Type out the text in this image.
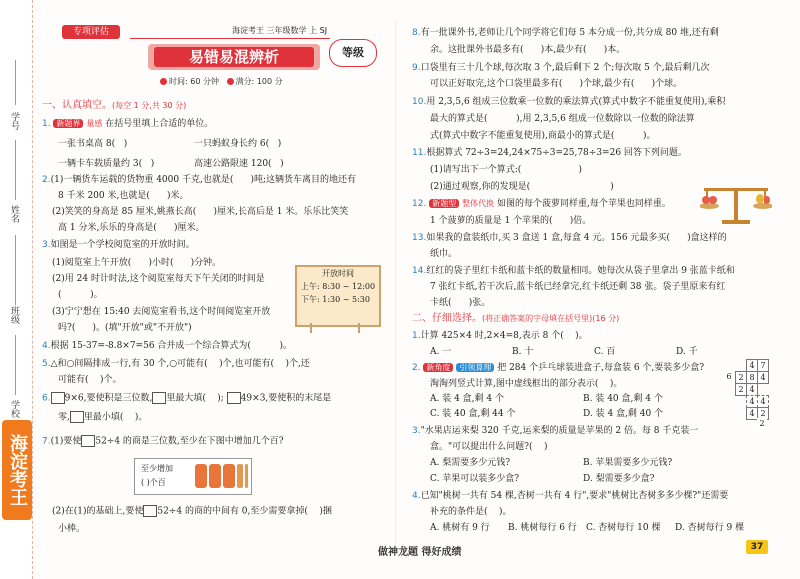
学号
姓名
班级
学校
海淀考王
专项评估	海淀考王 三年级数学 上 SJ
易错易混辨析	等级
时间: 60 分钟 满分: 100 分
一、认真填空。(每空 1 分,共 30 分)
1. 新题界 量感 在括号里填上合适的单位。
一张书桌高 8(   )	一只蚂蚁身长约 6(   )
一辆卡车载质量约 3(   )	高速公路限速 120(   )
2.(1)一辆货车运载的货物重 4000 千克,也就是( )吨;这辆货车离目的地还有
8 千米 200 米,也就是( )米。
(2)笑笑的身高是 85 厘米,姚燕长高( )厘米,长高后是 1 米。乐乐比笑笑
高 1 分米,乐乐的身高是( )厘米。
3.如图是一个学校阅览室的开放时间。
(1)阅览室上午开放( )小时( )分钟。
(2)用 24 时计时法,这个阅览室每天下午关闭的时间是
(	)。
(3)宁宁想在 15:40 去阅览室看书,这个时间阅览室开放
吗?( )。(填"开放"或"不开放")
开放时间
上午: 8:30 ~ 12:00
下午: 1:30 ~ 5:30
4.根据 15-37=-8.8×7=56 合并成一个综合算式为(	)。
5.△和○间隔排成一行,有 30 个,○可能有( )个,也可能有( )个,还
可能有( )个。
6. 9×6,要使积是三位数, 里最大填( ); 49×3,要使积的末尾是
零, 里最小填( )。
7.(1)要使 52÷4 的商是三位数,至少在下图中增加几个百?
至少增加
( )个百
(2)在(1)的基础上,要使 52÷4 的商的中间有 0,至少需要拿掉( )捆
小棒。
8.有一批课外书,老师让几个同学将它们每 5 本分成一份,共分成 80 堆,还有剩
余。这批课外书最多有( )本,最少有( )本。
9.口袋里有三十几个球,每次取 3 个,最后剩下 2 个;每次取 5 个,最后剩几次
可以正好取完,这个口袋里最多有( )个球,最少有( )个球。
10.用 2,3,5,6 组成三位数乘一位数的乘法算式(算式中数字不能重复使用),乘积
最大的算式是(	),用 2,3,5,6 组成一位数除以一位数的除法算
式(算式中数字不能重复使用),商最小的算式是(	)。
11.根据算式 72÷3=24,24×75÷3=25,78÷3=26 回答下列问题。
(1)请写出下一个算式:(	)
(2)通过观察,你的发现是(	)
12. 新题型 整体代换 如图的每个菠萝同样重,每个苹果也同样重。
1 个菠萝的质量是 1 个苹果的( )倍。
13.如果我的盒装纸巾,买 3 盒送 1 盒,每盒 4 元。156 元最多买( )盒这样的
纸巾。
14.红红的袋子里红卡纸和蓝卡纸的数量相同。她每次从袋子里拿出 9 张蓝卡纸和
7 张红卡纸,若干次后,蓝卡纸已经拿完,红卡纸还剩 38 张。袋子里原来有红
卡纸( )张。
二、仔细选择。(将正确答案的字母填在括号里)(16 分)
1.计算 425×4 时,2×4=8,表示 8 个( )。
A. 一	B. 十	C. 百	D. 千
2. 新角度 引领算理 把 284 个乒乓球装进盒子,每盒装 6 个,要装多少盒?
淘淘列竖式计算,图中虚线框出的部分表示( )。
A. 装 4 盒,剩 4 个	B. 装 40 盒,剩 4 个
C. 装 40 盒,剩 44 个	D. 装 4 盒,剩 40 个
4 7
6 2 8 4
2 4
4 4
4 2
2
3."水果店运来梨 320 千克,运来梨的质量是苹果的 2 倍。每 8 千克装一
盒。"可以提出什么问题?( )
A. 梨需要多少元钱?	B. 苹果需要多少元钱?
C. 苹果可以装多少盒?	D. 梨需要多少盒?
4.已知"桃树一共有 54 棵,杏树一共有 4 行",要求"桃树比杏树多多少棵?"还需要
补充的条件是( )。
A. 桃树有 9 行 B. 桃树每行 6 行 C. 杏树每行 10 棵 D. 杏树每行 9 棵
做神龙题 得好成绩	37
